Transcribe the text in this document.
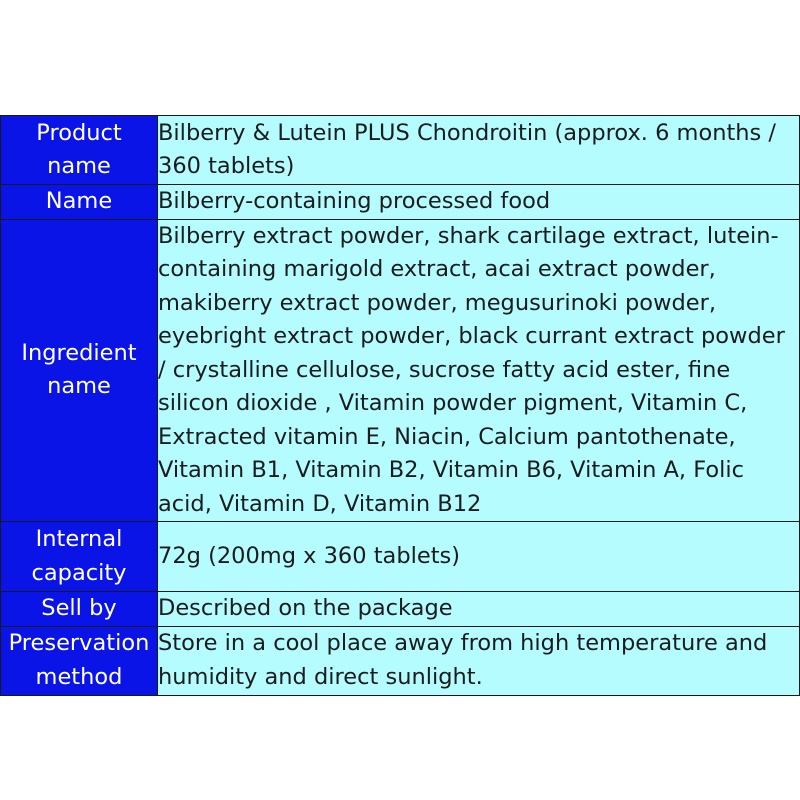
Product name	Bilberry & Lutein PLUS Chondroitin (approx. 6 months / 360 tablets)
Name	Bilberry-containing processed food
Ingredient name	Bilberry extract powder, shark cartilage extract, lutein-containing marigold extract, acai extract powder, makiberry extract powder, megusurinoki powder, eyebright extract powder, black currant extract powder / crystalline cellulose, sucrose fatty acid ester, fine silicon dioxide , Vitamin powder pigment, Vitamin C, Extracted vitamin E, Niacin, Calcium pantothenate, Vitamin B1, Vitamin B2, Vitamin B6, Vitamin A, Folic acid, Vitamin D, Vitamin B12
Internal capacity	72g (200mg x 360 tablets)
Sell by	Described on the package
Preservation method	Store in a cool place away from high temperature and humidity and direct sunlight.
